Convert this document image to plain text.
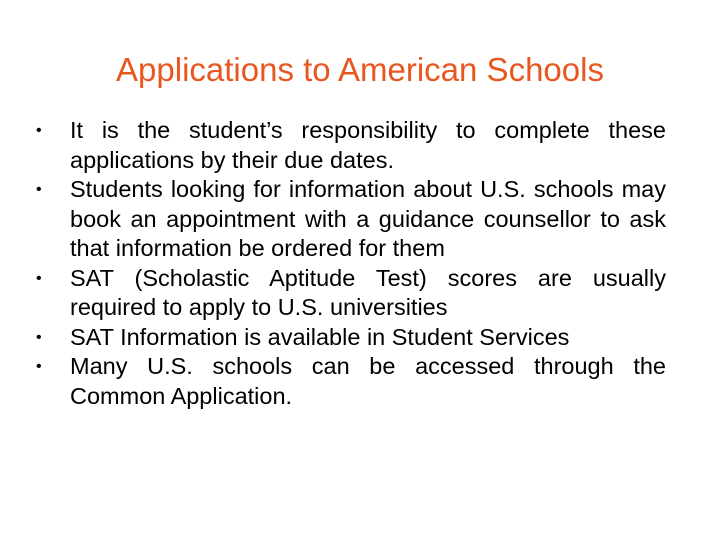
Applications to American Schools
•	It is the student’s responsibility to complete these applications by their due dates.
•	Students looking for information about U.S. schools may book an appointment with a guidance counsellor to ask that information be ordered for them
•	SAT (Scholastic Aptitude Test) scores are usually required to apply to U.S. universities
•	SAT Information is available in Student Services
•	Many U.S. schools can be accessed through the Common Application.
